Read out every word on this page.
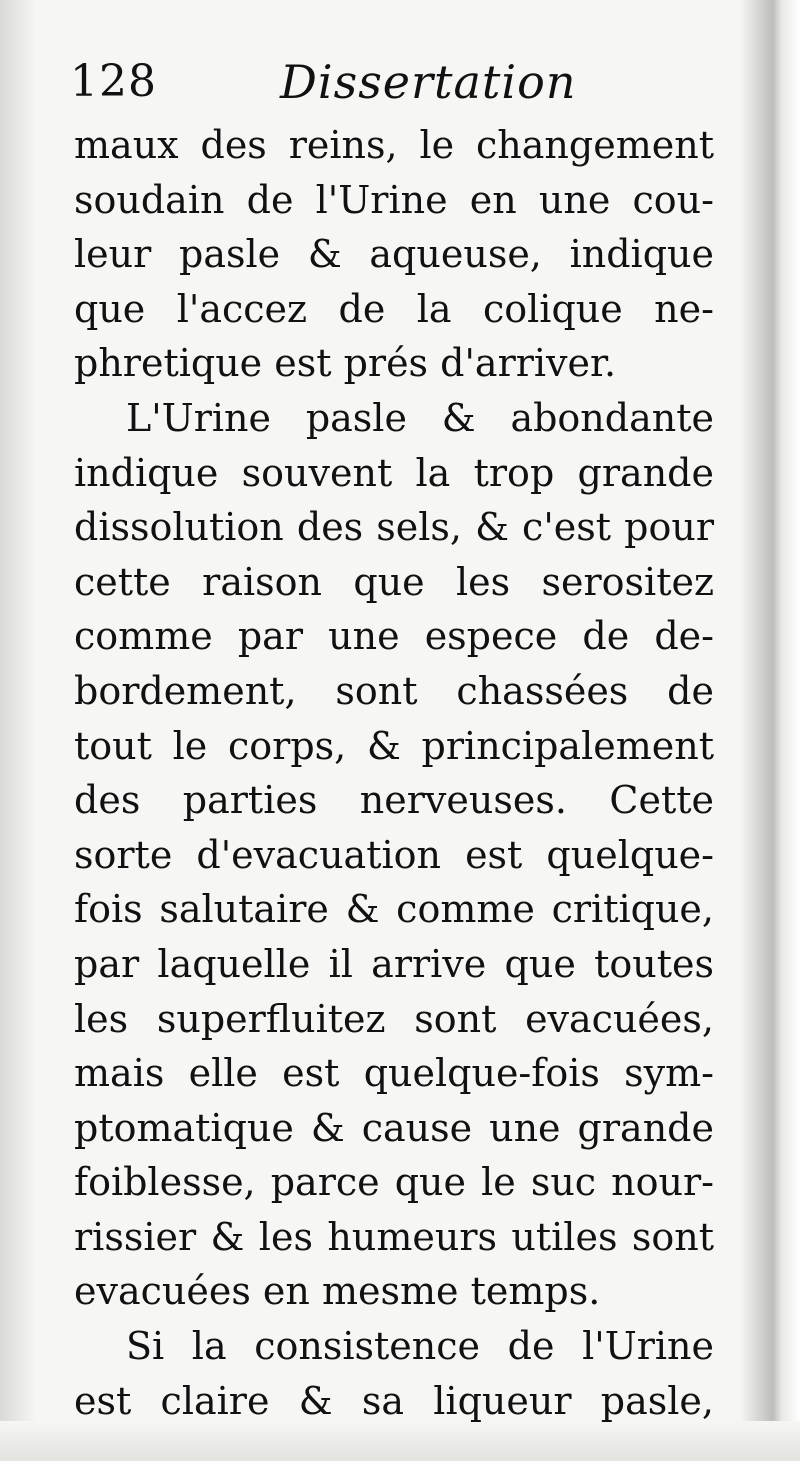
128	Dissertation
maux des reins, le changement
soudain de l'Urine en une cou-
leur pasle & aqueuse, indique
que l'accez de la colique ne-
phretique est prés d'arriver.
L'Urine pasle & abondante
indique souvent la trop grande
dissolution des sels, & c'est pour
cette raison que les serositez
comme par une espece de de-
bordement, sont chassées de
tout le corps, & principalement
des parties nerveuses. Cette
sorte d'evacuation est quelque-
fois salutaire & comme critique,
par laquelle il arrive que toutes
les superfluitez sont evacuées,
mais elle est quelque-fois sym-
ptomatique & cause une grande
foiblesse, parce que le suc nour-
rissier & les humeurs utiles sont
evacuées en mesme temps.
Si la consistence de l'Urine
est claire & sa liqueur pasle,
